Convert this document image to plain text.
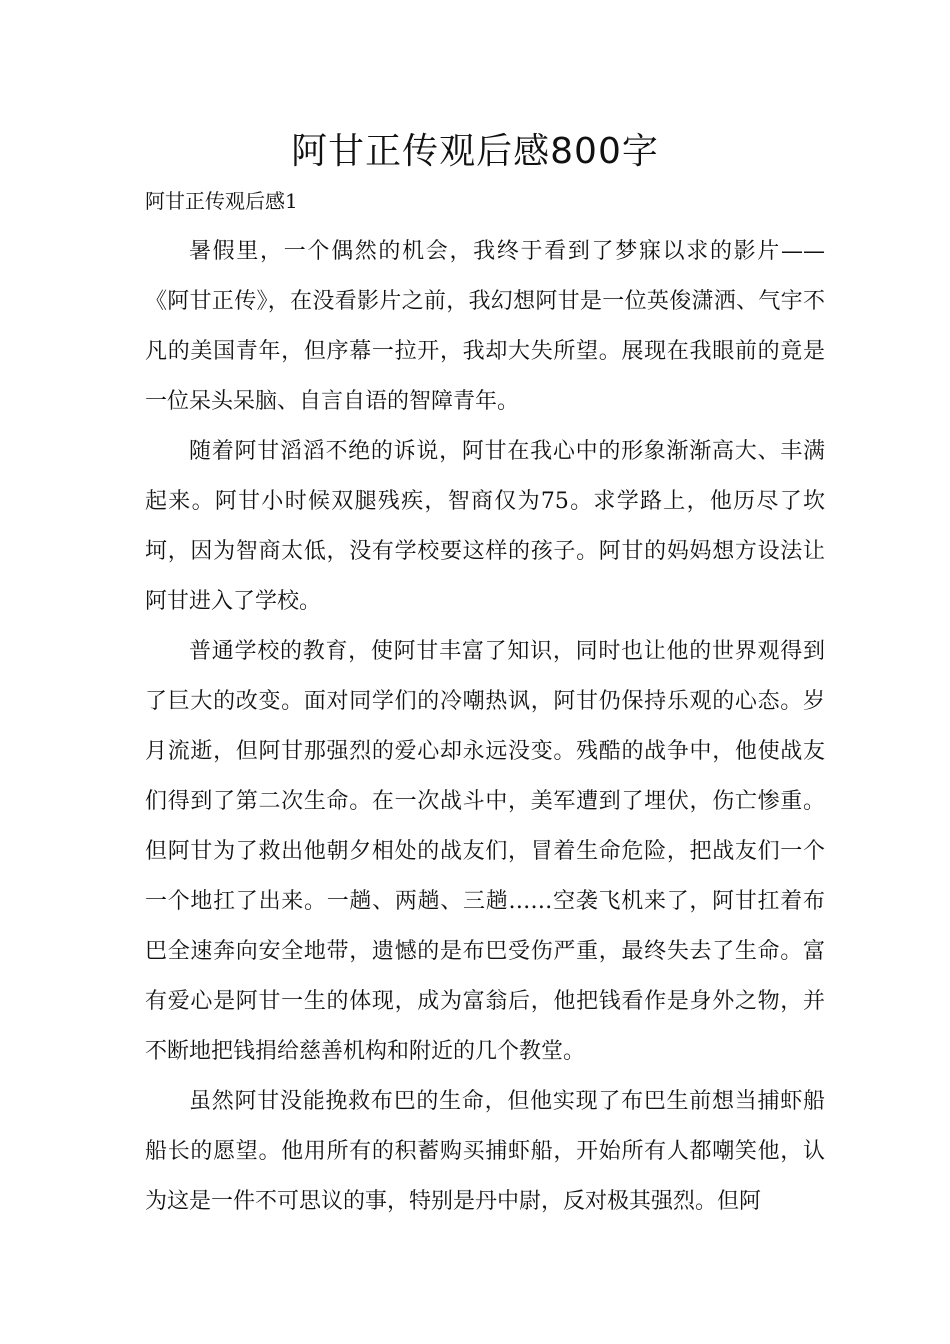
阿甘正传观后感800字

阿甘正传观后感1

暑假里，一个偶然的机会，我终于看到了梦寐以求的影片——《阿甘正传》，在没看影片之前，我幻想阿甘是一位英俊潇洒、气宇不凡的美国青年，但序幕一拉开，我却大失所望。展现在我眼前的竟是一位呆头呆脑、自言自语的智障青年。

随着阿甘滔滔不绝的诉说，阿甘在我心中的形象渐渐高大、丰满起来。阿甘小时候双腿残疾，智商仅为75。求学路上，他历尽了坎坷，因为智商太低，没有学校要这样的孩子。阿甘的妈妈想方设法让阿甘进入了学校。

普通学校的教育，使阿甘丰富了知识，同时也让他的世界观得到了巨大的改变。面对同学们的冷嘲热讽，阿甘仍保持乐观的心态。岁月流逝，但阿甘那强烈的爱心却永远没变。残酷的战争中，他使战友们得到了第二次生命。在一次战斗中，美军遭到了埋伏，伤亡惨重。但阿甘为了救出他朝夕相处的战友们，冒着生命危险，把战友们一个一个地扛了出来。一趟、两趟、三趟……空袭飞机来了，阿甘扛着布巴全速奔向安全地带，遗憾的是布巴受伤严重，最终失去了生命。富有爱心是阿甘一生的体现，成为富翁后，他把钱看作是身外之物，并不断地把钱捐给慈善机构和附近的几个教堂。

虽然阿甘没能挽救布巴的生命，但他实现了布巴生前想当捕虾船船长的愿望。他用所有的积蓄购买捕虾船，开始所有人都嘲笑他，认为这是一件不可思议的事，特别是丹中尉，反对极其强烈。但阿
